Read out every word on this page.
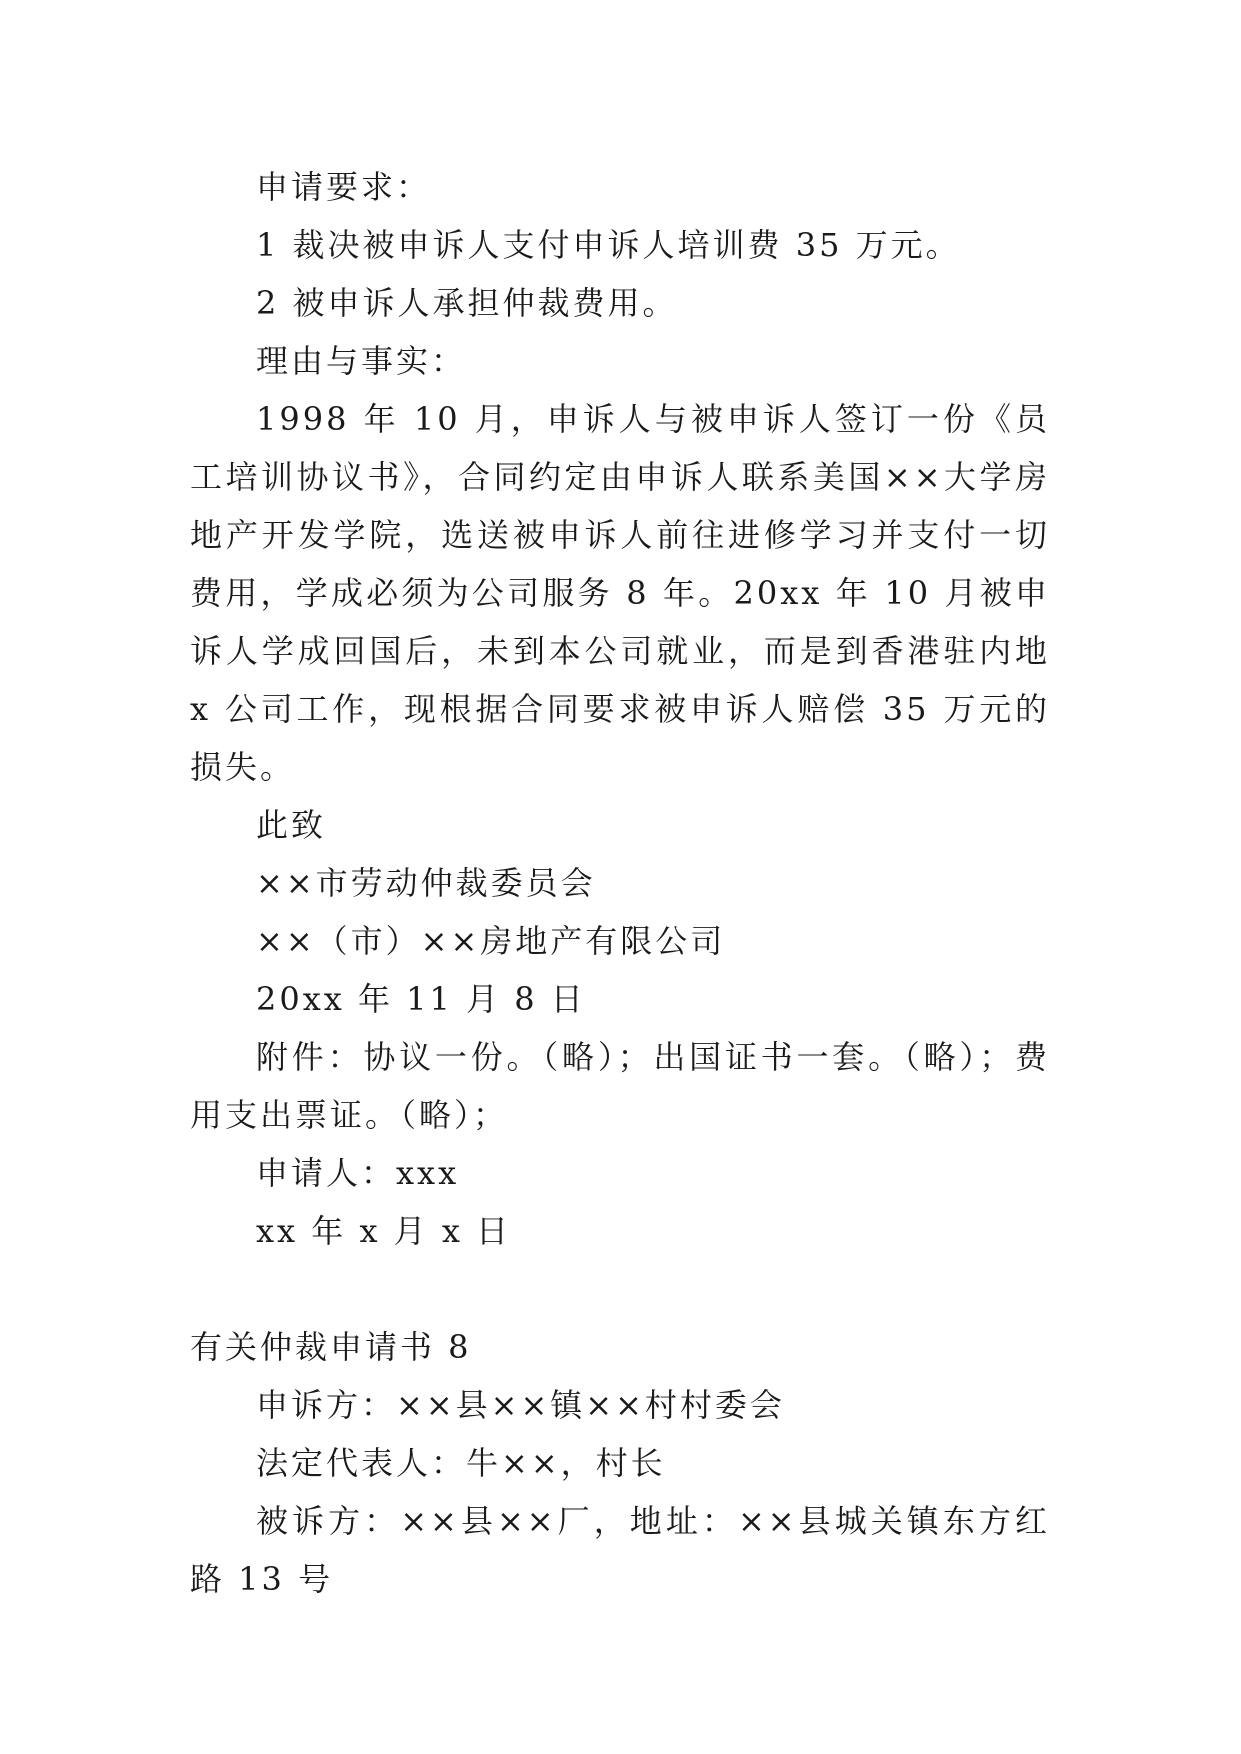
申请要求：
1 裁决被申诉人支付申诉人培训费 35 万元。
2 被申诉人承担仲裁费用。
理由与事实：
1998 年 10 月，申诉人与被申诉人签订一份《员工培训协议书》，合同约定由申诉人联系美国××大学房地产开发学院，选送被申诉人前往进修学习并支付一切费用，学成必须为公司服务 8 年。20xx 年 10 月被申诉人学成回国后，未到本公司就业，而是到香港驻内地 x 公司工作，现根据合同要求被申诉人赔偿 35 万元的损失。
此致
××市劳动仲裁委员会
××（市）××房地产有限公司
20xx 年 11 月 8 日
附件：协议一份。（略）；出国证书一套。（略）；费用支出票证。（略）；
申请人：xxx
xx 年 x 月 x 日
有关仲裁申请书 8
申诉方：××县××镇××村村委会
法定代表人：牛××，村长
被诉方：××县××厂，地址：××县城关镇东方红路 13 号
